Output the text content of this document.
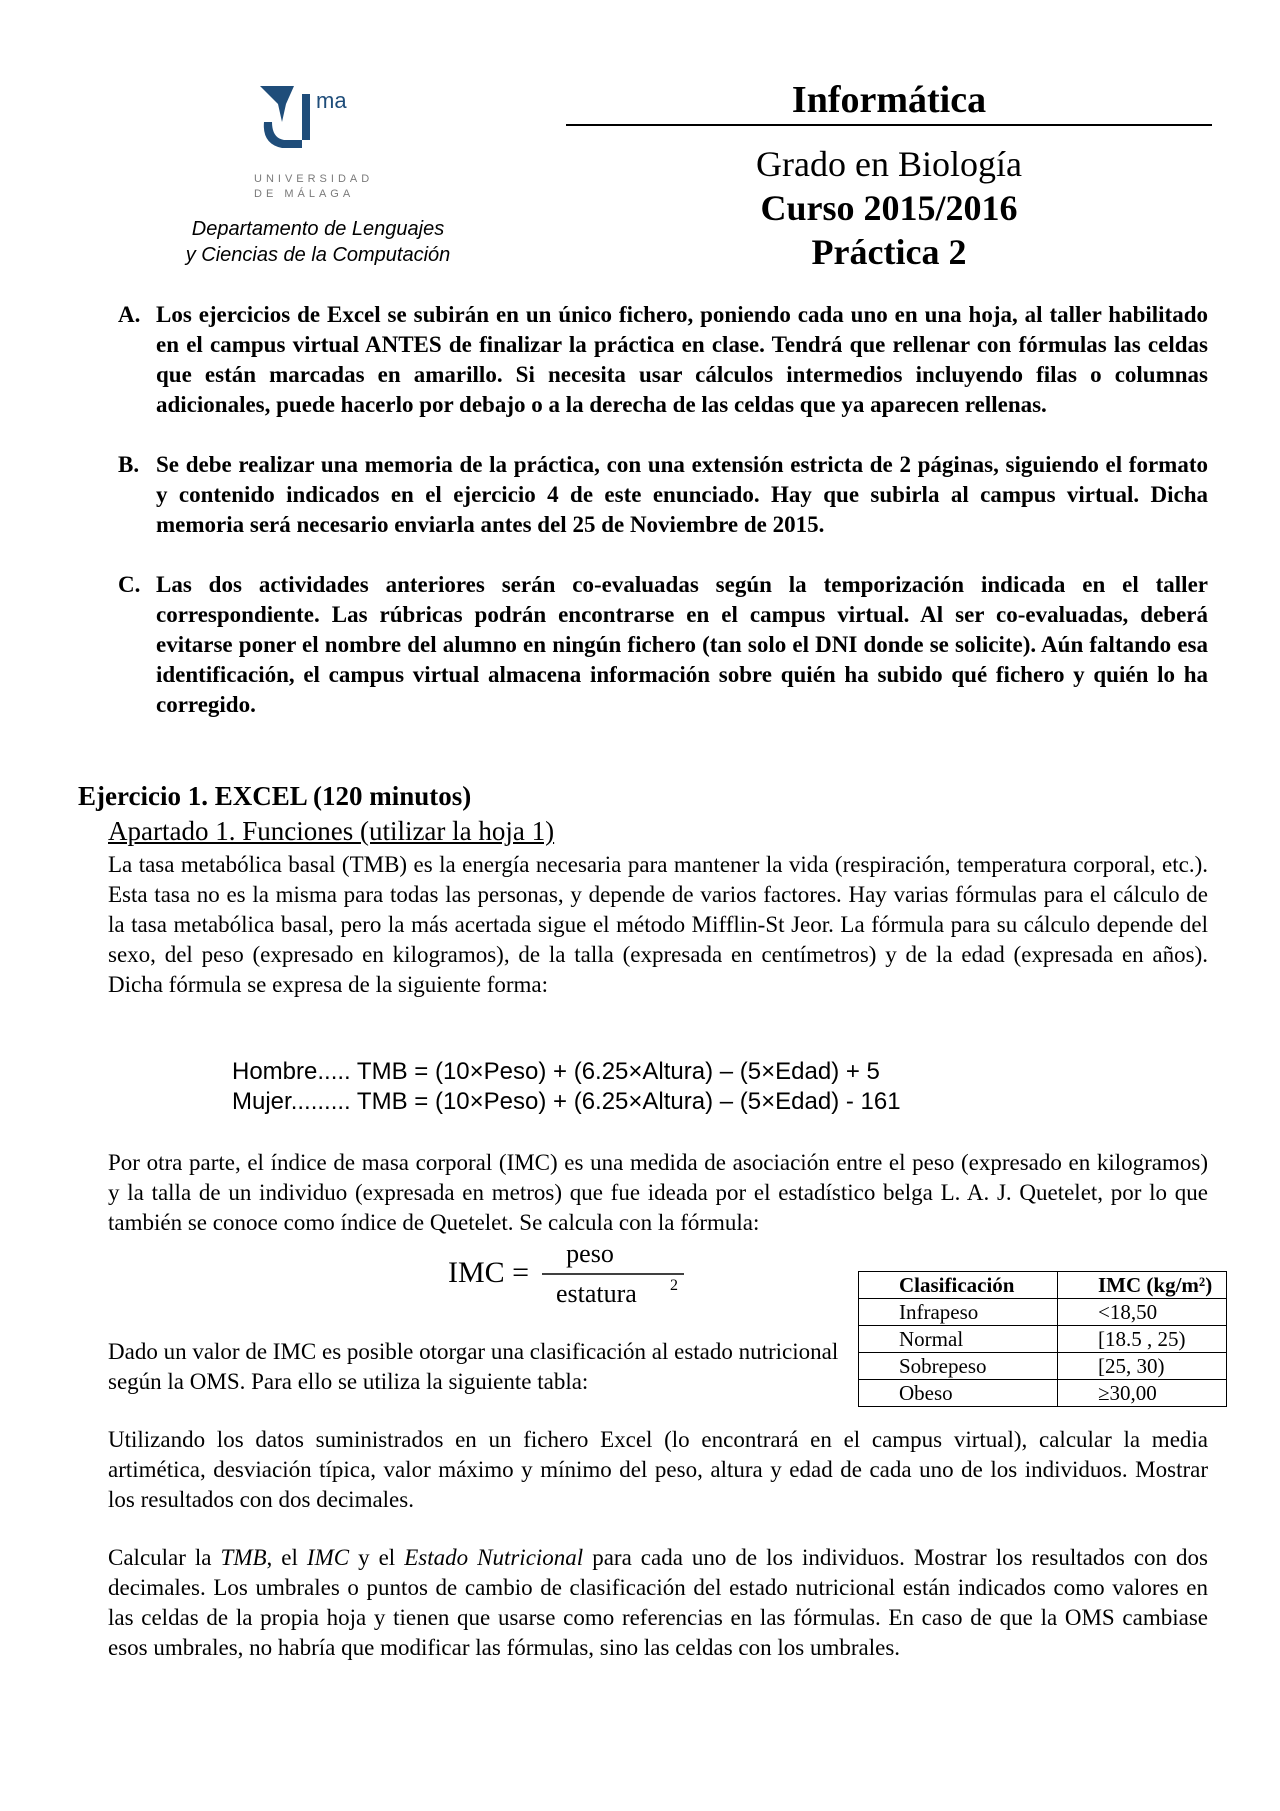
ma
UNIVERSIDAD
DE MÁLAGA
Departamento de Lenguajes
y Ciencias de la Computación
Informática
Grado en Biología
Curso 2015/2016
Práctica 2
A. Los ejercicios de Excel se subirán en un único fichero, poniendo cada uno en una hoja, al taller habilitado en el campus virtual ANTES de finalizar la práctica en clase. Tendrá que rellenar con fórmulas las celdas que están marcadas en amarillo. Si necesita usar cálculos intermedios incluyendo filas o columnas adicionales, puede hacerlo por debajo o a la derecha de las celdas que ya aparecen rellenas.
B. Se debe realizar una memoria de la práctica, con una extensión estricta de 2 páginas, siguiendo el formato y contenido indicados en el ejercicio 4 de este enunciado. Hay que subirla al campus virtual. Dicha memoria será necesario enviarla antes del 25 de Noviembre de 2015.
C. Las dos actividades anteriores serán co-evaluadas según la temporización indicada en el taller correspondiente. Las rúbricas podrán encontrarse en el campus virtual. Al ser co-evaluadas, deberá evitarse poner el nombre del alumno en ningún fichero (tan solo el DNI donde se solicite). Aún faltando esa identificación, el campus virtual almacena información sobre quién ha subido qué fichero y quién lo ha corregido.
Ejercicio 1. EXCEL (120 minutos)
Apartado 1. Funciones (utilizar la hoja 1)
La tasa metabólica basal (TMB) es la energía necesaria para mantener la vida (respiración, temperatura corporal, etc.). Esta tasa no es la misma para todas las personas, y depende de varios factores. Hay varias fórmulas para el cálculo de la tasa metabólica basal, pero la más acertada sigue el método Mifflin-St Jeor. La fórmula para su cálculo depende del sexo, del peso (expresado en kilogramos), de la talla (expresada en centímetros) y de la edad (expresada en años). Dicha fórmula se expresa de la siguiente forma:
Hombre..... TMB = (10×Peso) + (6.25×Altura) – (5×Edad) + 5
Mujer......... TMB = (10×Peso) + (6.25×Altura) – (5×Edad) - 161
Por otra parte, el índice de masa corporal (IMC) es una medida de asociación entre el peso (expresado en kilogramos) y la talla de un individuo (expresada en metros) que fue ideada por el estadístico belga L. A. J. Quetelet, por lo que también se conoce como índice de Quetelet. Se calcula con la fórmula:
IMC =
peso
estatura 2
Dado un valor de IMC es posible otorgar una clasificación al estado nutricional según la OMS. Para ello se utiliza la siguiente tabla:
Clasificación	IMC (kg/m²)
Infrapeso	<18,50
Normal	[18.5 , 25)
Sobrepeso	[25, 30)
Obeso	≥30,00
Utilizando los datos suministrados en un fichero Excel (lo encontrará en el campus virtual), calcular la media artimética, desviación típica, valor máximo y mínimo del peso, altura y edad de cada uno de los individuos. Mostrar los resultados con dos decimales.
Calcular la TMB, el IMC y el Estado Nutricional para cada uno de los individuos. Mostrar los resultados con dos decimales. Los umbrales o puntos de cambio de clasificación del estado nutricional están indicados como valores en las celdas de la propia hoja y tienen que usarse como referencias en las fórmulas. En caso de que la OMS cambiase esos umbrales, no habría que modificar las fórmulas, sino las celdas con los umbrales.
